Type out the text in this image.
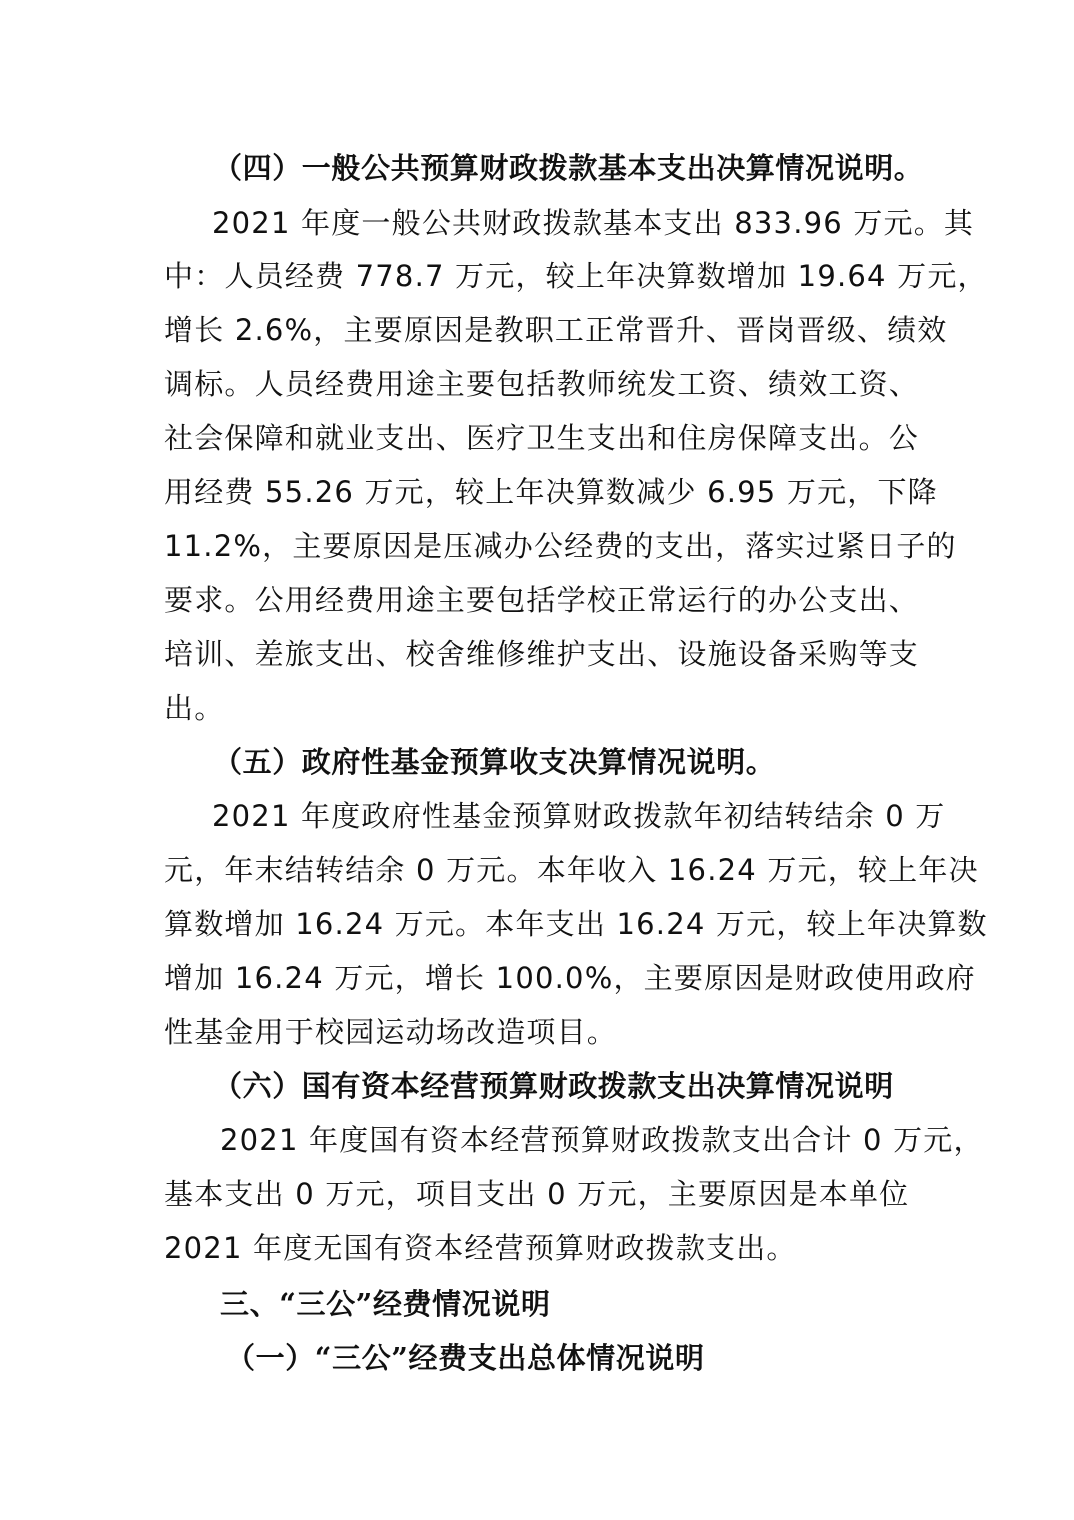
（四）一般公共预算财政拨款基本支出决算情况说明。
2021 年度一般公共财政拨款基本支出 833.96 万元。其
中：人员经费 778.7 万元，较上年决算数增加 19.64 万元，
增长 2.6%，主要原因是教职工正常晋升、晋岗晋级、绩效
调标。人员经费用途主要包括教师统发工资、绩效工资、
社会保障和就业支出、医疗卫生支出和住房保障支出。公
用经费 55.26 万元，较上年决算数减少 6.95 万元，下降
11.2%，主要原因是压减办公经费的支出，落实过紧日子的
要求。公用经费用途主要包括学校正常运行的办公支出、
培训、差旅支出、校舍维修维护支出、设施设备采购等支
出。
（五）政府性基金预算收支决算情况说明。
2021 年度政府性基金预算财政拨款年初结转结余 0 万
元，年末结转结余 0 万元。本年收入 16.24 万元，较上年决
算数增加 16.24 万元。本年支出 16.24 万元，较上年决算数
增加 16.24 万元，增长 100.0%，主要原因是财政使用政府
性基金用于校园运动场改造项目。
（六）国有资本经营预算财政拨款支出决算情况说明
2021 年度国有资本经营预算财政拨款支出合计 0 万元，
基本支出 0 万元，项目支出 0 万元，主要原因是本单位
2021 年度无国有资本经营预算财政拨款支出。
三、“三公”经费情况说明
（一）“三公”经费支出总体情况说明
